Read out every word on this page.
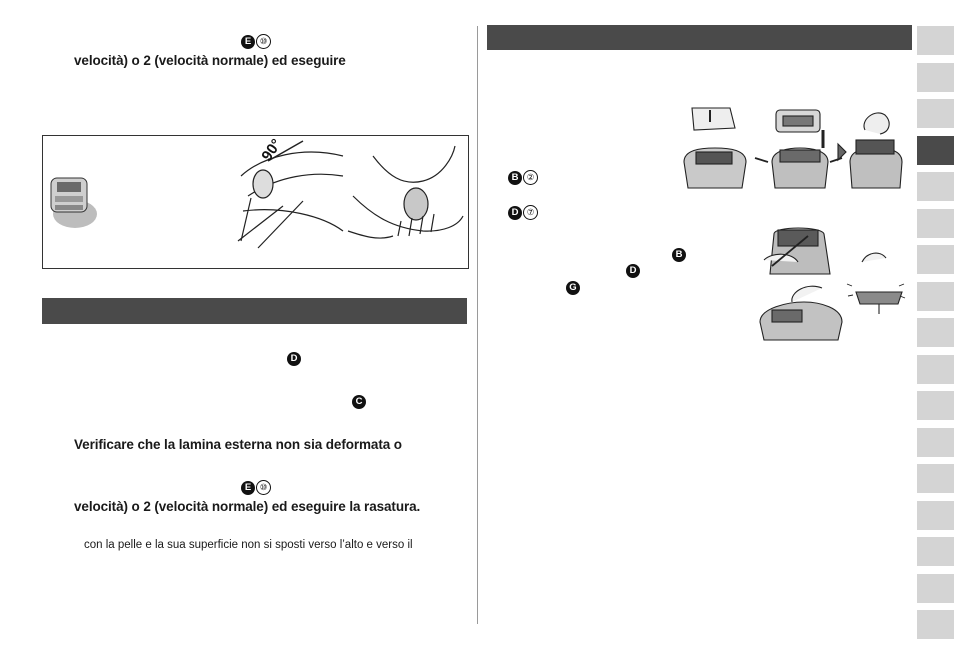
E ⑩
velocità) o 2 (velocità normale) ed eseguire
90°
D
C
Verificare che la lamina esterna non sia deformata o
E ⑩
velocità) o 2 (velocità normale) ed eseguire la rasatura.
con la pelle e la sua superficie non si sposti verso l’alto e verso il
B ②
D ⑦
B
D
G
